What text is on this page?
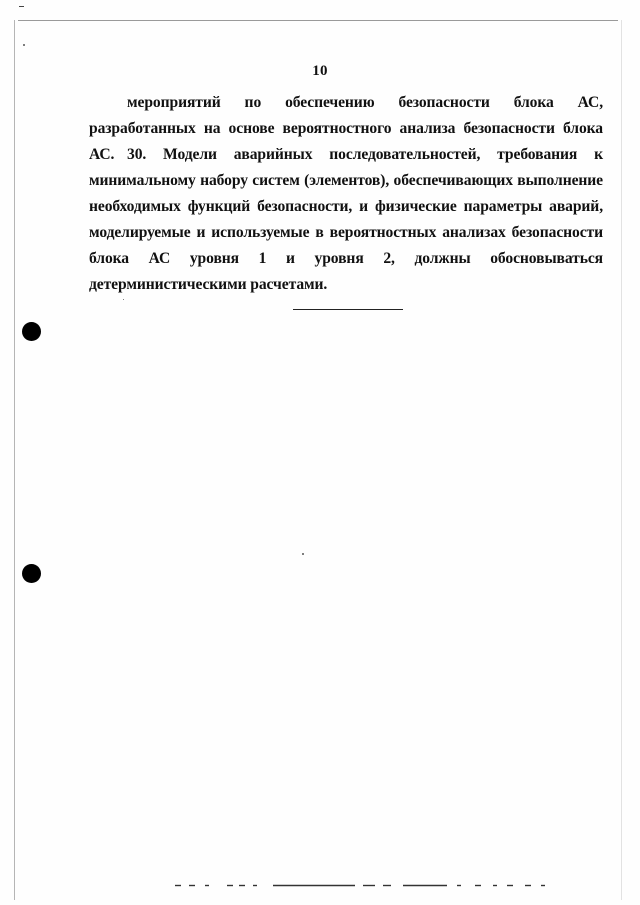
10
мероприятий по обеспечению безопасности блока АС, разработанных на основе вероятностного анализа безопасности блока АС. 30. Модели аварийных последовательностей, требования к минимальному набору систем (элементов), обеспечивающих выполнение необходимых функций безопасности, и физические параметры аварий, моделируемые и используемые в вероятностных анализах безопасности блока АС уровня 1 и уровня 2, должны обосновываться детерминистическими расчетами.
